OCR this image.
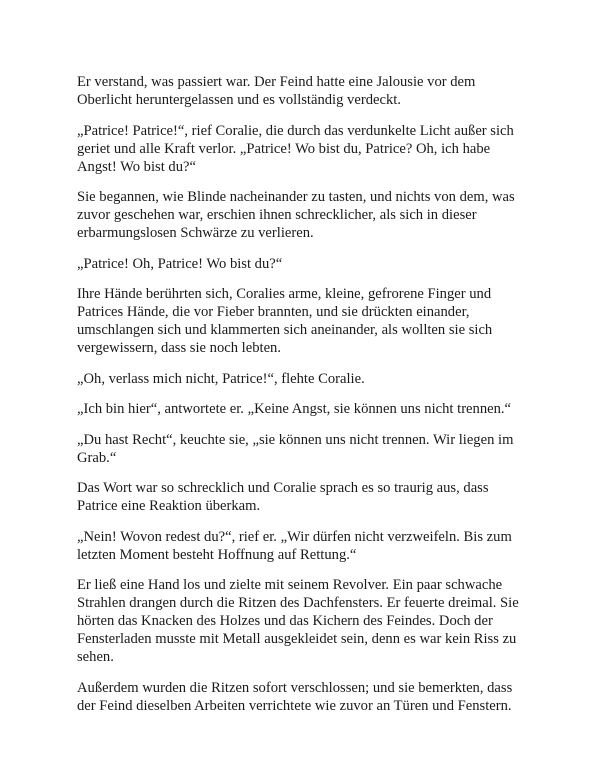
Er verstand, was passiert war. Der Feind hatte eine Jalousie vor dem
Oberlicht heruntergelassen und es vollständig verdeckt.

„Patrice! Patrice!“, rief Coralie, die durch das verdunkelte Licht außer sich
geriet und alle Kraft verlor. „Patrice! Wo bist du, Patrice? Oh, ich habe
Angst! Wo bist du?“

Sie begannen, wie Blinde nacheinander zu tasten, und nichts von dem, was
zuvor geschehen war, erschien ihnen schrecklicher, als sich in dieser
erbarmungslosen Schwärze zu verlieren.

„Patrice! Oh, Patrice! Wo bist du?“

Ihre Hände berührten sich, Coralies arme, kleine, gefrorene Finger und
Patrices Hände, die vor Fieber brannten, und sie drückten einander,
umschlangen sich und klammerten sich aneinander, als wollten sie sich
vergewissern, dass sie noch lebten.

„Oh, verlass mich nicht, Patrice!“, flehte Coralie.

„Ich bin hier“, antwortete er. „Keine Angst, sie können uns nicht trennen.“

„Du hast Recht“, keuchte sie, „sie können uns nicht trennen. Wir liegen im
Grab.“

Das Wort war so schrecklich und Coralie sprach es so traurig aus, dass
Patrice eine Reaktion überkam.

„Nein! Wovon redest du?“, rief er. „Wir dürfen nicht verzweifeln. Bis zum
letzten Moment besteht Hoffnung auf Rettung.“

Er ließ eine Hand los und zielte mit seinem Revolver. Ein paar schwache
Strahlen drangen durch die Ritzen des Dachfensters. Er feuerte dreimal. Sie
hörten das Knacken des Holzes und das Kichern des Feindes. Doch der
Fensterladen musste mit Metall ausgekleidet sein, denn es war kein Riss zu
sehen.

Außerdem wurden die Ritzen sofort verschlossen; und sie bemerkten, dass
der Feind dieselben Arbeiten verrichtete wie zuvor an Türen und Fenstern.
